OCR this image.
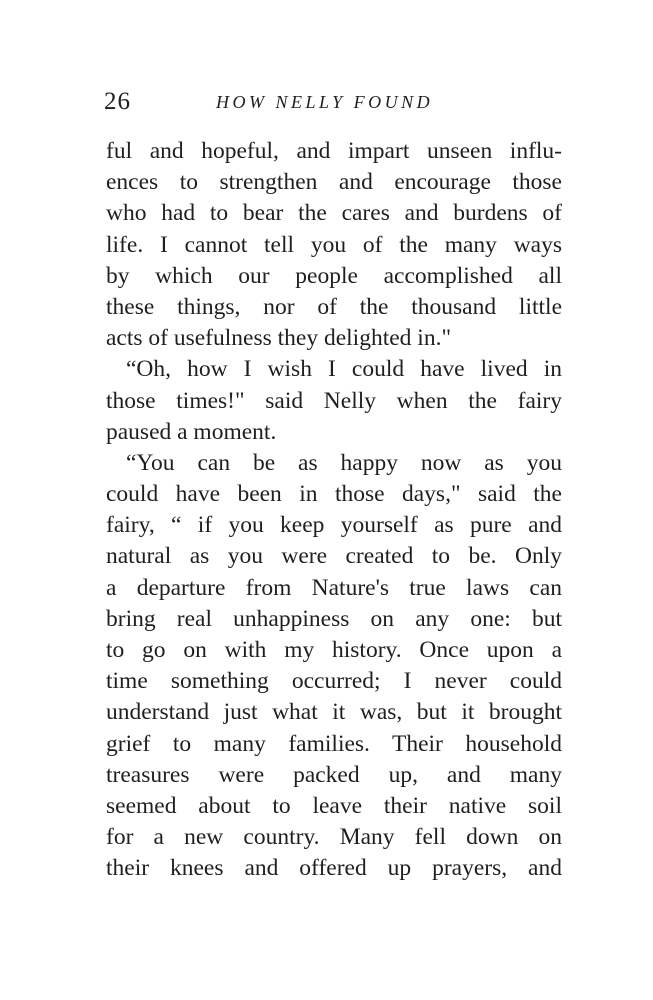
26	HOW NELLY FOUND
ful and hopeful, and impart unseen influ-
ences to strengthen and encourage those
who had to bear the cares and burdens of
life. I cannot tell you of the many ways
by which our people accomplished all
these things, nor of the thousand little
acts of usefulness they delighted in."
“Oh, how I wish I could have lived in
those times!" said Nelly when the fairy
paused a moment.
“You can be as happy now as you
could have been in those days," said the
fairy, “ if you keep yourself as pure and
natural as you were created to be. Only
a departure from Nature's true laws can
bring real unhappiness on any one: but
to go on with my history. Once upon a
time something occurred; I never could
understand just what it was, but it brought
grief to many families. Their household
treasures were packed up, and many
seemed about to leave their native soil
for a new country. Many fell down on
their knees and offered up prayers, and
